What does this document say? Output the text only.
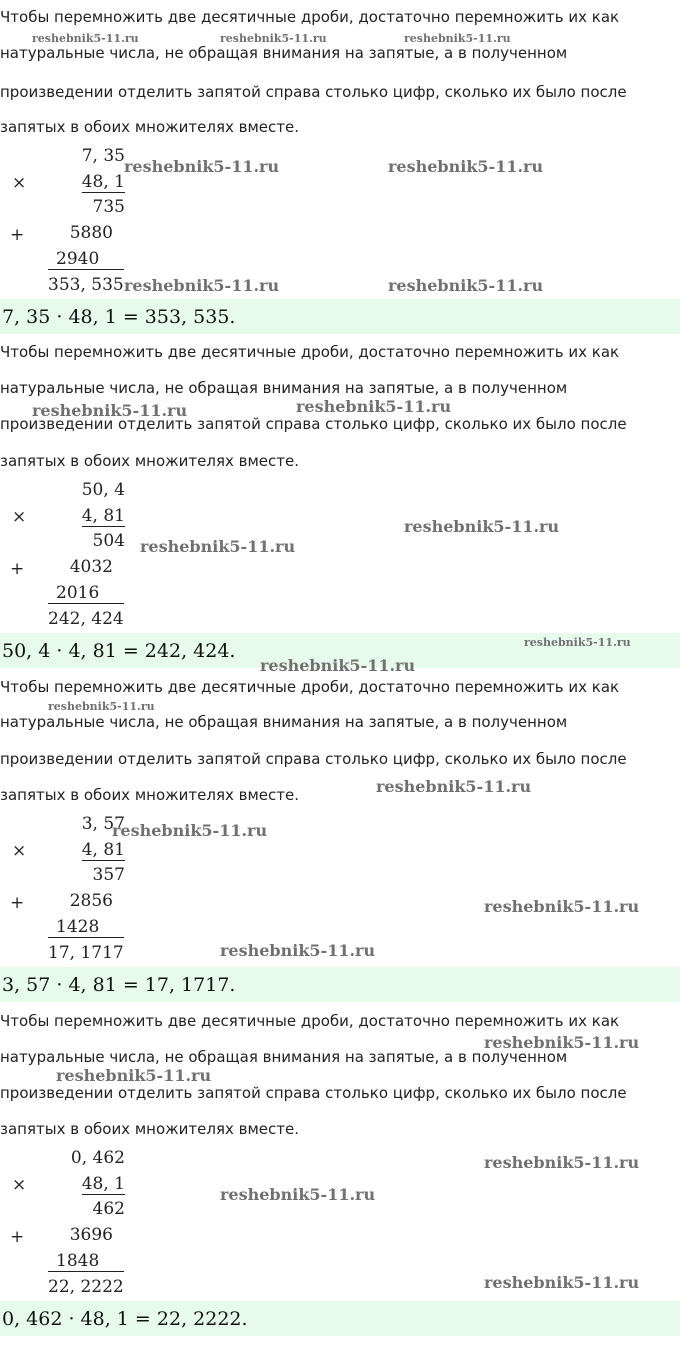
Чтобы перемножить две десятичные дроби, достаточно перемножить их как
натуральные числа, не обращая внимания на запятые, а в полученном
произведении отделить запятой справа столько цифр, сколько их было после
запятых в обоих множителях вместе.
7, 35
×	48, 1
735
+	5880
2940
353, 535
7, 35 · 48, 1 = 353, 535.
Чтобы перемножить две десятичные дроби, достаточно перемножить их как
натуральные числа, не обращая внимания на запятые, а в полученном
произведении отделить запятой справа столько цифр, сколько их было после
запятых в обоих множителях вместе.
50, 4
×	4, 81
504
+	4032
2016
242, 424
50, 4 · 4, 81 = 242, 424.
Чтобы перемножить две десятичные дроби, достаточно перемножить их как
натуральные числа, не обращая внимания на запятые, а в полученном
произведении отделить запятой справа столько цифр, сколько их было после
запятых в обоих множителях вместе.
3, 57
×	4, 81
357
+	2856
1428
17, 1717
3, 57 · 4, 81 = 17, 1717.
Чтобы перемножить две десятичные дроби, достаточно перемножить их как
натуральные числа, не обращая внимания на запятые, а в полученном
произведении отделить запятой справа столько цифр, сколько их было после
запятых в обоих множителях вместе.
0, 462
×	48, 1
462
+	3696
1848
22, 2222
0, 462 · 48, 1 = 22, 2222.
reshebnik5-11.ru	reshebnik5-11.ru	reshebnik5-11.ru
reshebnik5-11.ru	reshebnik5-11.ru
reshebnik5-11.ru	reshebnik5-11.ru
reshebnik5-11.ru	reshebnik5-11.ru
reshebnik5-11.ru
reshebnik5-11.ru
reshebnik5-11.ru
reshebnik5-11.ru
reshebnik5-11.ru
reshebnik5-11.ru
reshebnik5-11.ru
reshebnik5-11.ru
reshebnik5-11.ru
reshebnik5-11.ru
reshebnik5-11.ru
reshebnik5-11.ru
reshebnik5-11.ru
reshebnik5-11.ru
